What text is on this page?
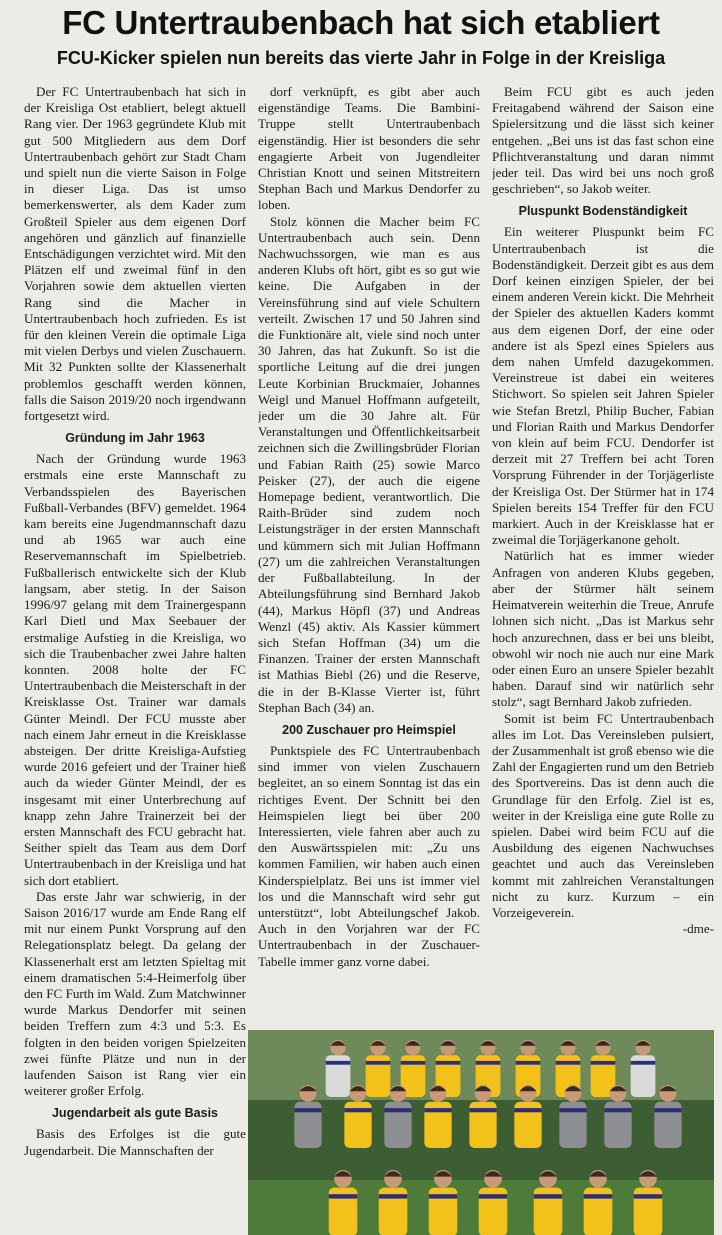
FC Untertraubenbach hat sich etabliert
FCU-Kicker spielen nun bereits das vierte Jahr in Folge in der Kreisliga

Der FC Untertraubenbach hat sich in der Kreisliga Ost etabliert, belegt aktuell Rang vier. Der 1963 gegründete Klub mit gut 500 Mitgliedern aus dem Dorf Untertraubenbach gehört zur Stadt Cham und spielt nun die vierte Saison in Folge in dieser Liga. Das ist umso bemerkenswerter, als dem Kader zum Großteil Spieler aus dem eigenen Dorf angehören und gänzlich auf finanzielle Entschädigungen verzichtet wird. Mit den Plätzen elf und zweimal fünf in den Vorjahren sowie dem aktuellen vierten Rang sind die Macher in Untertraubenbach hoch zufrieden. Es ist für den kleinen Verein die optimale Liga mit vielen Derbys und vielen Zuschauern. Mit 32 Punkten sollte der Klassenerhalt problemlos geschafft werden können, falls die Saison 2019/20 noch irgendwann fortgesetzt wird.

Gründung im Jahr 1963

Nach der Gründung wurde 1963 erstmals eine erste Mannschaft zu Verbandsspielen des Bayerischen Fußball-Verbandes (BFV) gemeldet. 1964 kam bereits eine Jugendmannschaft dazu und ab 1965 war auch eine Reservemannschaft im Spielbetrieb. Fußballerisch entwickelte sich der Klub langsam, aber stetig. In der Saison 1996/97 gelang mit dem Trainergespann Karl Dietl und Max Seebauer der erstmalige Aufstieg in die Kreisliga, wo sich die Traubenbacher zwei Jahre halten konnten. 2008 holte der FC Untertraubenbach die Meisterschaft in der Kreisklasse Ost. Trainer war damals Günter Meindl. Der FCU musste aber nach einem Jahr erneut in die Kreisklasse absteigen. Der dritte Kreisliga-Aufstieg wurde 2016 gefeiert und der Trainer hieß auch da wieder Günter Meindl, der es insgesamt mit einer Unterbrechung auf knapp zehn Jahre Trainerzeit bei der ersten Mannschaft des FCU gebracht hat. Seither spielt das Team aus dem Dorf Untertraubenbach in der Kreisliga und hat sich dort etabliert.

Das erste Jahr war schwierig, in der Saison 2016/17 wurde am Ende Rang elf mit nur einem Punkt Vorsprung auf den Relegationsplatz belegt. Da gelang der Klassenerhalt erst am letzten Spieltag mit einem dramatischen 5:4-Heimerfolg über den FC Furth im Wald. Zum Matchwinner wurde Markus Dendorfer mit seinen beiden Treffern zum 4:3 und 5:3. Es folgten in den beiden vorigen Spielzeiten zwei fünfte Plätze und nun in der laufenden Saison ist Rang vier ein weiterer großer Erfolg.

Jugendarbeit als gute Basis

Basis des Erfolges ist die gute Jugendarbeit. Die Mannschaften der

dorf verknüpft, es gibt aber auch eigenständige Teams. Die Bambini-Truppe stellt Untertraubenbach eigenständig. Hier ist besonders die sehr engagierte Arbeit von Jugendleiter Christian Knott und seinen Mitstreitern Stephan Bach und Markus Dendorfer zu loben.

Stolz können die Macher beim FC Untertraubenbach auch sein. Denn Nachwuchssorgen, wie man es aus anderen Klubs oft hört, gibt es so gut wie keine. Die Aufgaben in der Vereinsführung sind auf viele Schultern verteilt. Zwischen 17 und 50 Jahren sind die Funktionäre alt, viele sind noch unter 30 Jahren, das hat Zukunft. So ist die sportliche Leitung auf die drei jungen Leute Korbinian Bruckmaier, Johannes Weigl und Manuel Hoffmann aufgeteilt, jeder um die 30 Jahre alt. Für Veranstaltungen und Öffentlichkeitsarbeit zeichnen sich die Zwillingsbrüder Florian und Fabian Raith (25) sowie Marco Peisker (27), der auch die eigene Homepage bedient, verantwortlich. Die Raith-Brüder sind zudem noch Leistungsträger in der ersten Mannschaft und kümmern sich mit Julian Hoffmann (27) um die zahlreichen Veranstaltungen der Fußballabteilung. In der Abteilungsführung sind Bernhard Jakob (44), Markus Höpfl (37) und Andreas Wenzl (45) aktiv. Als Kassier kümmert sich Stefan Hoffman (34) um die Finanzen. Trainer der ersten Mannschaft ist Mathias Biebl (26) und die Reserve, die in der B-Klasse Vierter ist, führt Stephan Bach (34) an.

200 Zuschauer pro Heimspiel

Punktspiele des FC Untertraubenbach sind immer von vielen Zuschauern begleitet, an so einem Sonntag ist das ein richtiges Event. Der Schnitt bei den Heimspielen liegt bei über 200 Interessierten, viele fahren aber auch zu den Auswärtsspielen mit: „Zu uns kommen Familien, wir haben auch einen Kinderspielplatz. Bei uns ist immer viel los und die Mannschaft wird sehr gut unterstützt“, lobt Abteilungschef Jakob. Auch in den Vorjahren war der FC Untertraubenbach in der Zuschauer-Tabelle immer ganz vorne dabei.

Beim FCU gibt es auch jeden Freitagabend während der Saison eine Spielersitzung und die lässt sich keiner entgehen. „Bei uns ist das fast schon eine Pflichtveranstaltung und daran nimmt jeder teil. Das wird bei uns noch groß geschrieben“, so Jakob weiter.

Pluspunkt Bodenständigkeit

Ein weiterer Pluspunkt beim FC Untertraubenbach ist die Bodenständigkeit. Derzeit gibt es aus dem Dorf keinen einzigen Spieler, der bei einem anderen Verein kickt. Die Mehrheit der Spieler des aktuellen Kaders kommt aus dem eigenen Dorf, der eine oder andere ist als Spezl eines Spielers aus dem nahen Umfeld dazugekommen. Vereinstreue ist dabei ein weiteres Stichwort. So spielen seit Jahren Spieler wie Stefan Bretzl, Philip Bucher, Fabian und Florian Raith und Markus Dendorfer von klein auf beim FCU. Dendorfer ist derzeit mit 27 Treffern bei acht Toren Vorsprung Führender in der Torjägerliste der Kreisliga Ost. Der Stürmer hat in 174 Spielen bereits 154 Treffer für den FCU markiert. Auch in der Kreisklasse hat er zweimal die Torjägerkanone geholt.

Natürlich hat es immer wieder Anfragen von anderen Klubs gegeben, aber der Stürmer hält seinem Heimatverein weiterhin die Treue, Anrufe lohnen sich nicht. „Das ist Markus sehr hoch anzurechnen, dass er bei uns bleibt, obwohl wir noch nie auch nur eine Mark oder einen Euro an unsere Spieler bezahlt haben. Darauf sind wir natürlich sehr stolz“, sagt Bernhard Jakob zufrieden.

Somit ist beim FC Untertraubenbach alles im Lot. Das Vereinsleben pulsiert, der Zusammenhalt ist groß ebenso wie die Zahl der Engagierten rund um den Betrieb des Sportvereins. Das ist denn auch die Grundlage für den Erfolg. Ziel ist es, weiter in der Kreisliga eine gute Rolle zu spielen. Dabei wird beim FCU auf die Ausbildung des eigenen Nachwuchses geachtet und auch das Vereinsleben kommt mit zahlreichen Veranstaltungen nicht zu kurz. Kurzum – ein Vorzeigeverein.

-dme-
